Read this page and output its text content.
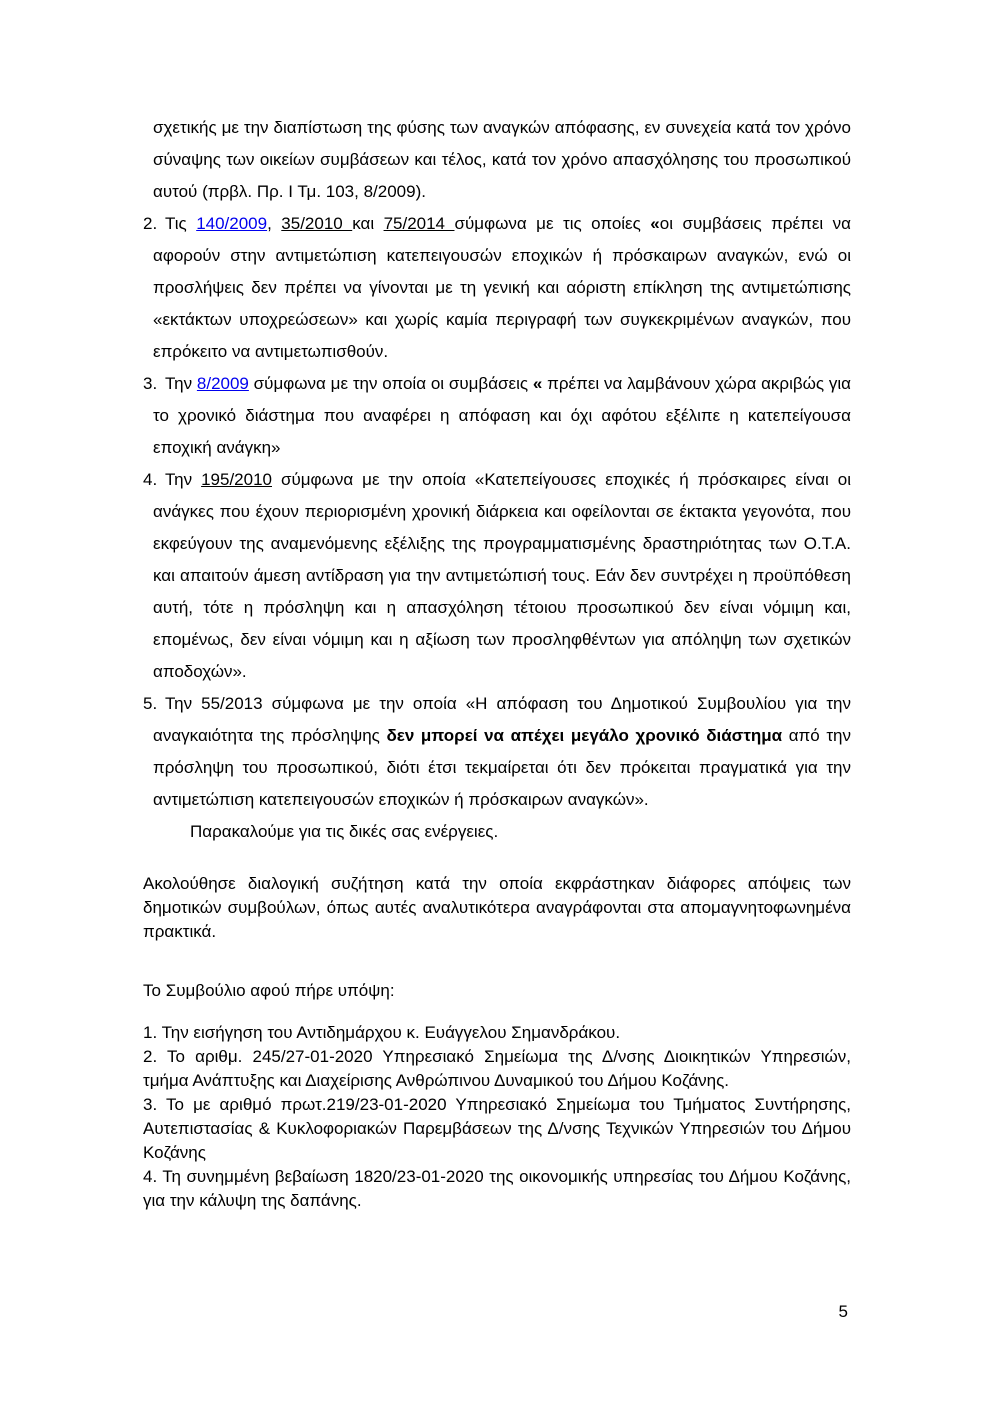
σχετικής με την διαπίστωση της φύσης των αναγκών απόφασης, εν συνεχεία κατά τον χρόνο σύναψης των οικείων συμβάσεων και τέλος, κατά τον χρόνο απασχόλησης του προσωπικού αυτού (πρβλ. Πρ. Ι Τμ. 103, 8/2009).
2. Τις 140/2009, 35/2010 και 75/2014 σύμφωνα με τις οποίες «οι συμβάσεις πρέπει να αφορούν στην αντιμετώπιση κατεπειγουσών εποχικών ή πρόσκαιρων αναγκών, ενώ οι προσλήψεις δεν πρέπει να γίνονται με τη γενική και αόριστη επίκληση της αντιμετώπισης «εκτάκτων υποχρεώσεων» και χωρίς καμία περιγραφή των συγκεκριμένων αναγκών, που επρόκειτο να αντιμετωπισθούν.
3. Την 8/2009 σύμφωνα με την οποία οι συμβάσεις « πρέπει να λαμβάνουν χώρα ακριβώς για το χρονικό διάστημα που αναφέρει η απόφαση και όχι αφότου εξέλιπε η κατεπείγουσα εποχική ανάγκη»
4. Την 195/2010 σύμφωνα με την οποία «Κατεπείγουσες εποχικές ή πρόσκαιρες είναι οι ανάγκες που έχουν περιορισμένη χρονική διάρκεια και οφείλονται σε έκτακτα γεγονότα, που εκφεύγουν της αναμενόμενης εξέλιξης της προγραμματισμένης δραστηριότητας των Ο.Τ.Α. και απαιτούν άμεση αντίδραση για την αντιμετώπισή τους. Εάν δεν συντρέχει η προϋπόθεση αυτή, τότε η πρόσληψη και η απασχόληση τέτοιου προσωπικού δεν είναι νόμιμη και, επομένως, δεν είναι νόμιμη και η αξίωση των προσληφθέντων για απόληψη των σχετικών αποδοχών».
5. Την 55/2013 σύμφωνα με την οποία «Η απόφαση του Δημοτικού Συμβουλίου για την αναγκαιότητα της πρόσληψης δεν μπορεί να απέχει μεγάλο χρονικό διάστημα από την πρόσληψη του προσωπικού, διότι έτσι τεκμαίρεται ότι δεν πρόκειται πραγματικά για την αντιμετώπιση κατεπειγουσών εποχικών ή πρόσκαιρων αναγκών».
Παρακαλούμε για τις δικές σας ενέργειες.
Ακολούθησε διαλογική συζήτηση κατά την οποία εκφράστηκαν διάφορες απόψεις των δημοτικών συμβούλων, όπως αυτές αναλυτικότερα αναγράφονται στα απομαγνητοφωνημένα πρακτικά.
Το Συμβούλιο αφού πήρε υπόψη:
1. Την εισήγηση του Αντιδημάρχου κ. Ευάγγελου Σημανδράκου.
2. Το αριθμ. 245/27-01-2020 Υπηρεσιακό Σημείωμα της Δ/νσης Διοικητικών Υπηρεσιών, τμήμα Ανάπτυξης και Διαχείρισης Ανθρώπινου Δυναμικού του Δήμου Κοζάνης.
3. Το με αριθμό πρωτ.219/23-01-2020 Υπηρεσιακό Σημείωμα του Τμήματος Συντήρησης, Αυτεπιστασίας & Κυκλοφοριακών Παρεμβάσεων της Δ/νσης Τεχνικών Υπηρεσιών του Δήμου Κοζάνης
4. Τη συνημμένη βεβαίωση 1820/23-01-2020 της οικονομικής υπηρεσίας του Δήμου Κοζάνης, για την κάλυψη της δαπάνης.
5
